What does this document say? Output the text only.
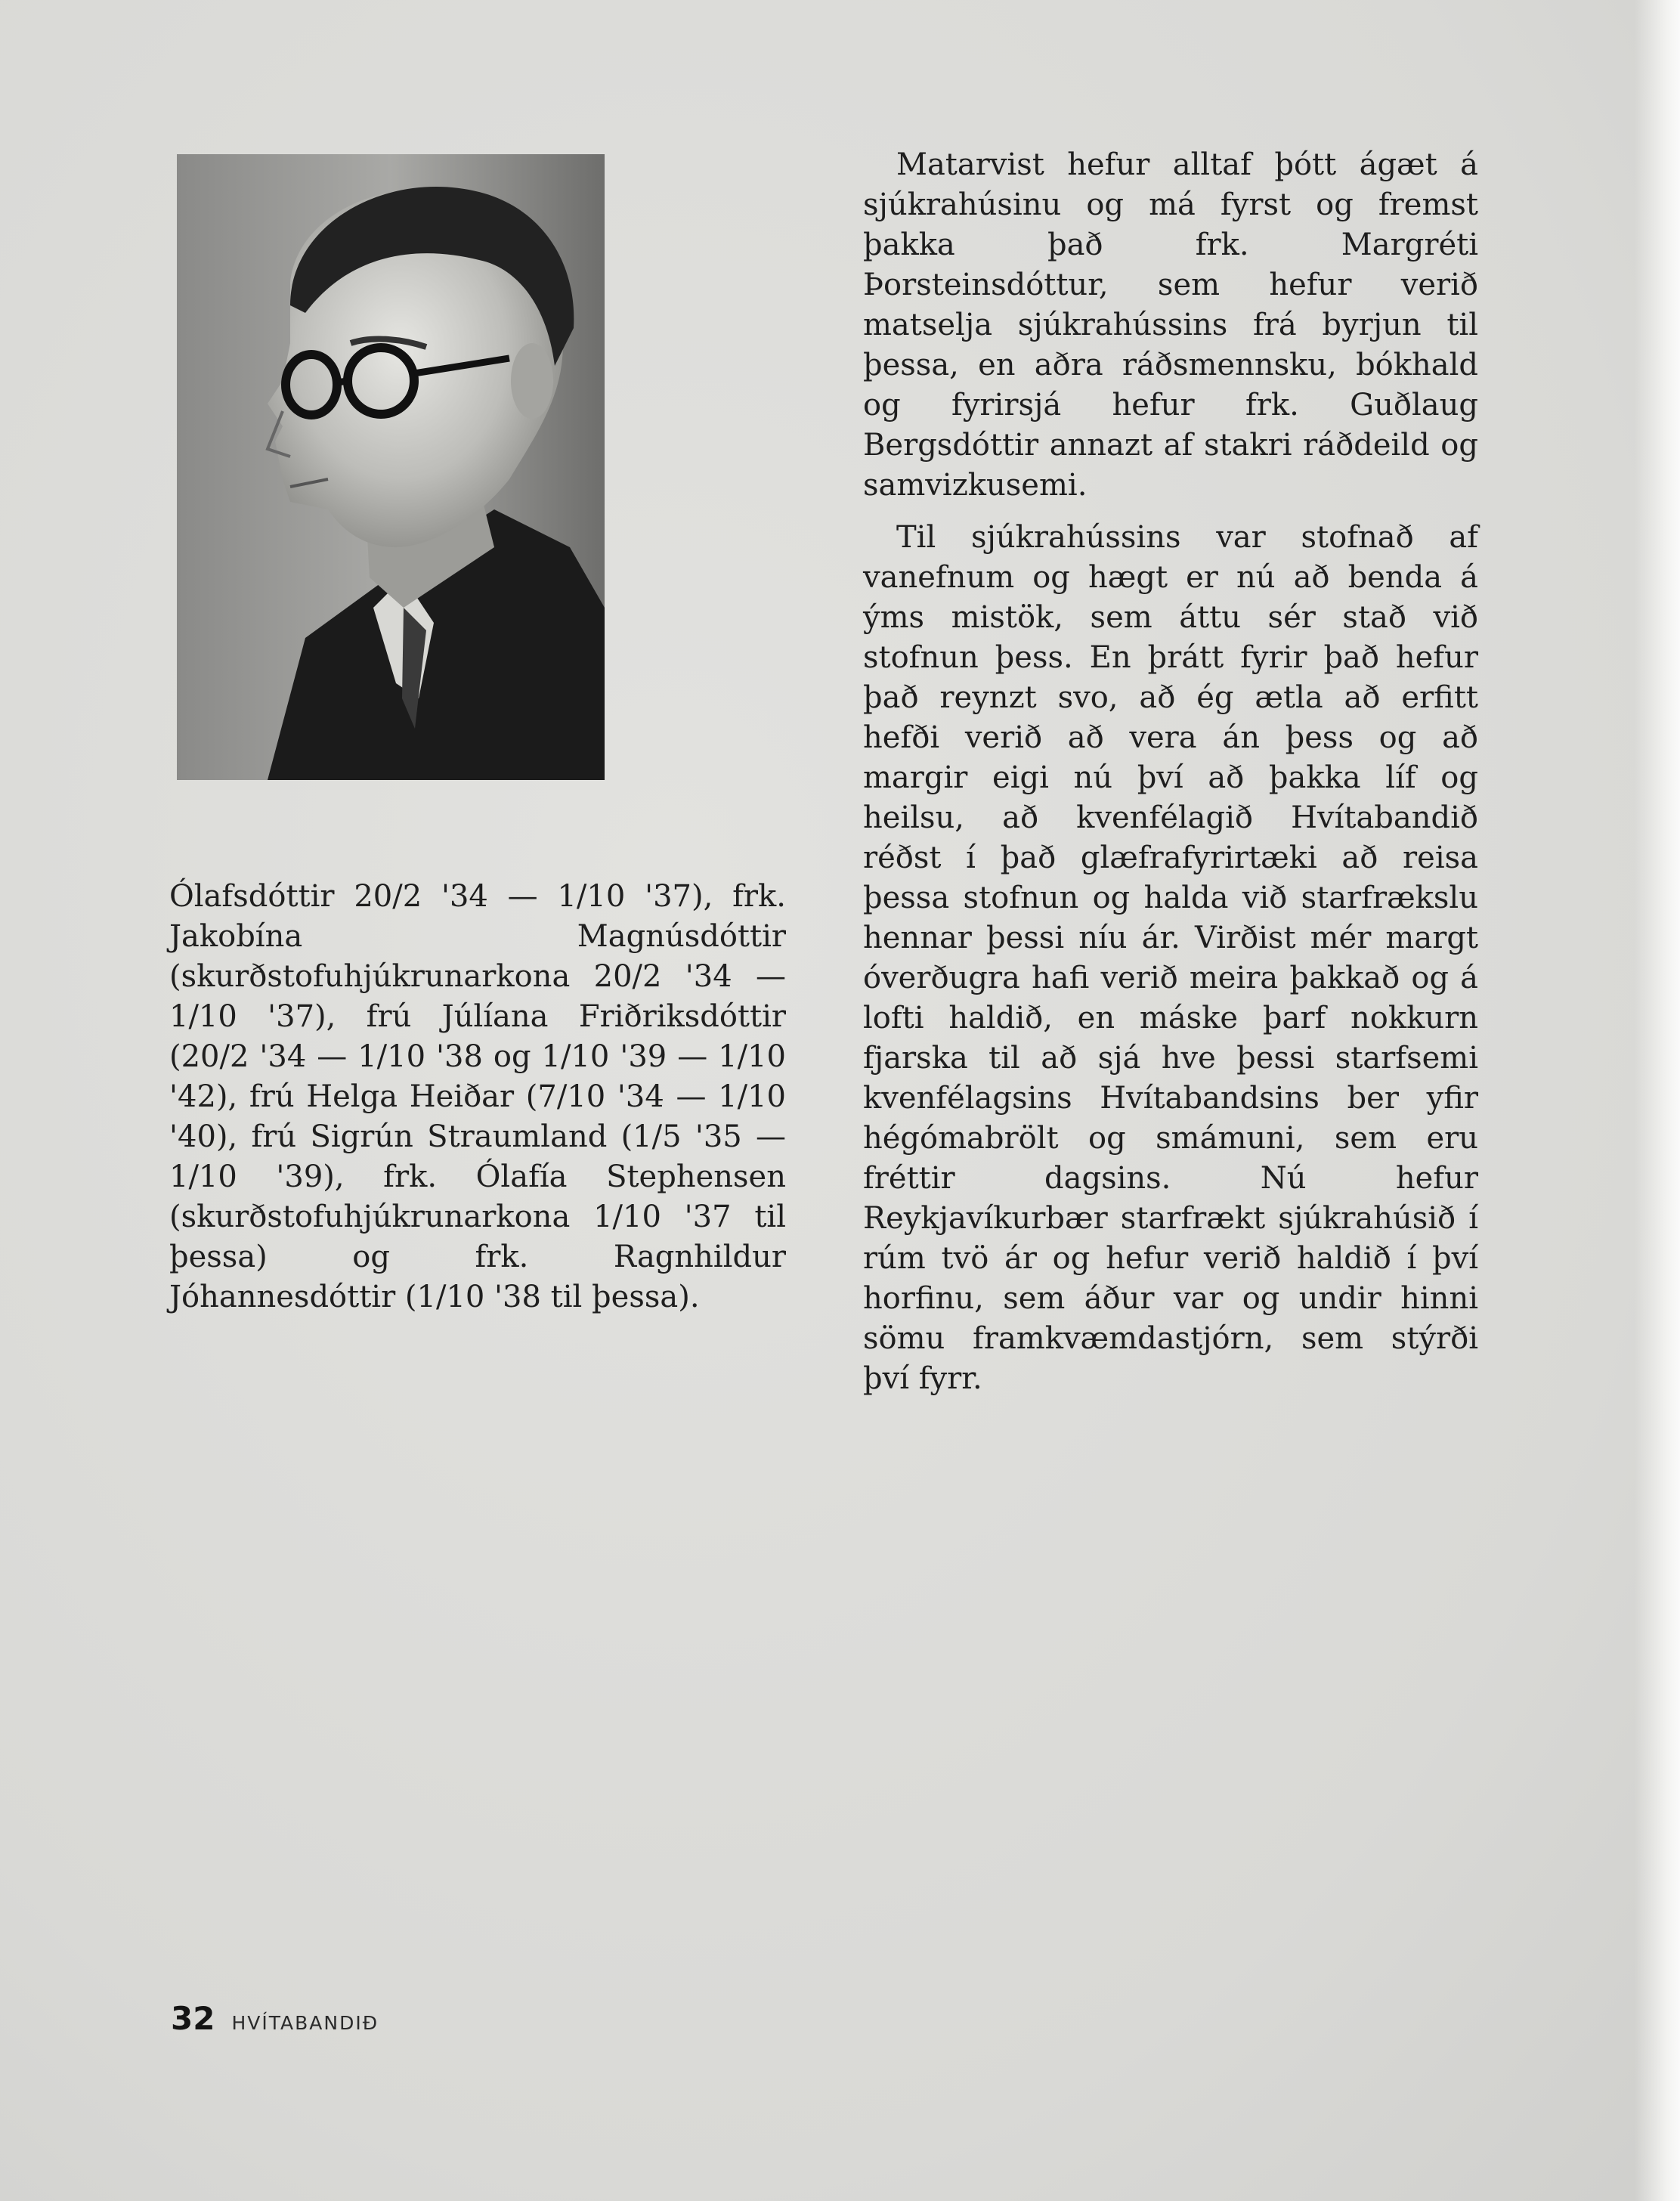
Ólafsdóttir 20/2 '34 — 1/10 '37), frk. Jakobína Magnúsdóttir (skurðstofuhjúkrunarkona 20/2 '34 — 1/10 '37), frú Júlíana Friðriksdóttir (20/2 '34 — 1/10 '38 og 1/10 '39 — 1/10 '42), frú Helga Heiðar (7/10 '34 — 1/10 '40), frú Sigrún Straumland (1/5 '35 — 1/10 '39), frk. Ólafía Stephensen (skurðstofuhjúkrunarkona 1/10 '37 til þessa) og frk. Ragnhildur Jóhannesdóttir (1/10 '38 til þessa).

Matarvist hefur alltaf þótt ágæt á sjúkrahúsinu og má fyrst og fremst þakka það frk. Margréti Þorsteinsdóttur, sem hefur verið matselja sjúkrahússins frá byrjun til þessa, en aðra ráðsmennsku, bókhald og fyrirsjá hefur frk. Guðlaug Bergsdóttir annazt af stakri ráðdeild og samvizkusemi.

Til sjúkrahússins var stofnað af vanefnum og hægt er nú að benda á ýms mistök, sem áttu sér stað við stofnun þess. En þrátt fyrir það hefur það reynzt svo, að ég ætla að erfitt hefði verið að vera án þess og að margir eigi nú því að þakka líf og heilsu, að kvenfélagið Hvítabandið réðst í það glæfrafyrirtæki að reisa þessa stofnun og halda við starfrækslu hennar þessi níu ár. Virðist mér margt óverðugra hafi verið meira þakkað og á lofti haldið, en máske þarf nokkurn fjarska til að sjá hve þessi starfsemi kvenfélagsins Hvítabandsins ber yfir hégómabrölt og smámuni, sem eru fréttir dagsins. Nú hefur Reykjavíkurbær starfrækt sjúkrahúsið í rúm tvö ár og hefur verið haldið í því horfinu, sem áður var og undir hinni sömu framkvæmdastjórn, sem stýrði því fyrr.

32 HVÍTABANDIÐ
